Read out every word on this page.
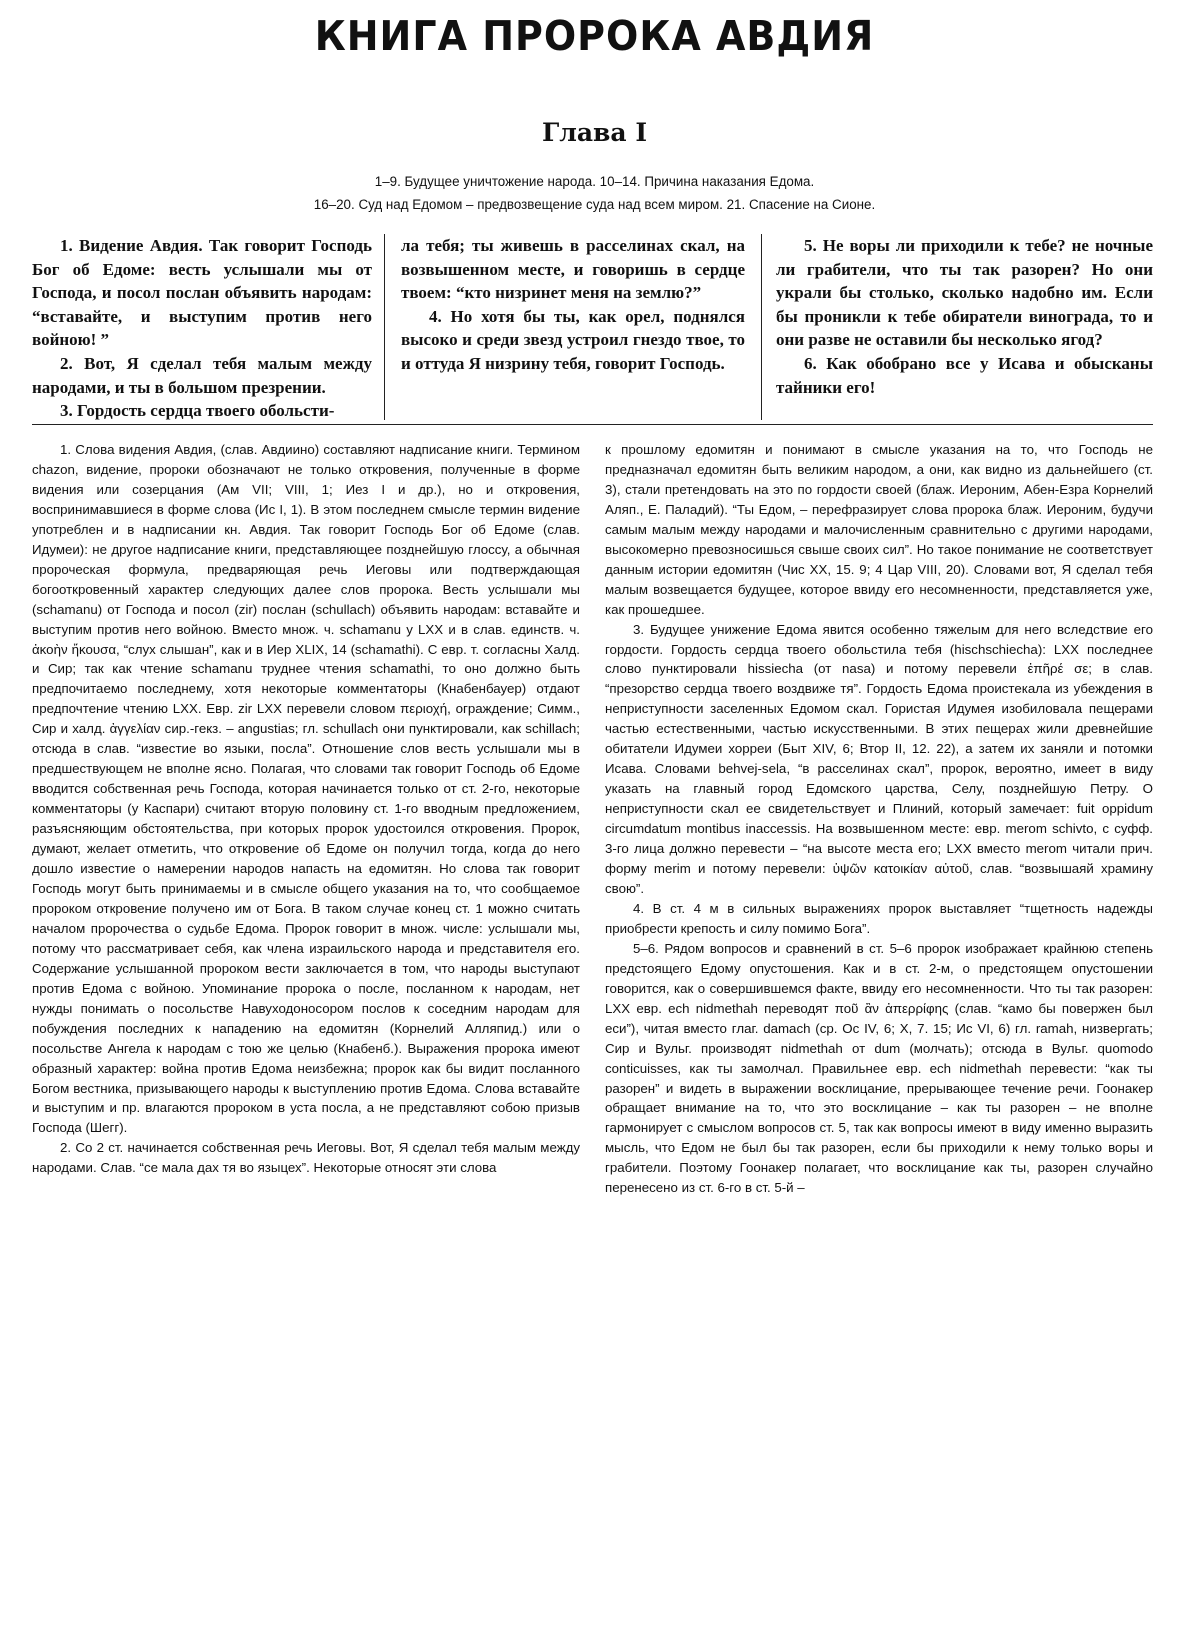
КНИГА ПРОРОКА АВДИЯ
Глава I

1–9. Будущее уничтожение народа. 10–14. Причина наказания Едома.

16–20. Суд над Едомом – предвозвещение суда над всем миром. 21. Спасение на Сионе.

1. Видение Авдия. Так говорит Господь Бог об Едоме: весть услышали мы от Господа, и посол послан объявить народам: “вставайте, и выступим против него войною! ”

2. Вот, Я сделал тебя малым между народами, и ты в большом презрении.

3. Гордость сердца твоего обольсти-

ла тебя; ты живешь в расселинах скал, на возвышенном месте, и говоришь в сердце твоем: “кто низринет меня на землю?”

4. Но хотя бы ты, как орел, поднялся высоко и среди звезд устроил гнездо твое, то и оттуда Я низрину тебя, говорит Господь.

5. Не воры ли приходили к тебе? не ночные ли грабители, что ты так разорен? Но они украли бы столько, сколько надобно им. Если бы проникли к тебе обиратели винограда, то и они разве не оставили бы несколько ягод?

6. Как обобрано все у Исава и обысканы тайники его!

1. Слова видения Авдия, (слав. Авдиино) составляют надписание книги. Термином chazon, видение, пророки обозначают не только откровения, полученные в форме видения или созерцания (Ам VII; VIII, 1; Иез I и др.), но и откровения, воспринимавшиеся в форме слова (Ис I, 1). В этом последнем смысле термин видение употреблен и в надписании кн. Авдия. Так говорит Господь Бог об Едоме (слав. Идумеи): не другое надписание книги, представляющее позднейшую глоссу, а обычная пророческая формула, предваряющая речь Иеговы или подтверждающая богооткровенный характер следующих далее слов пророка. Весть услышали мы (schamanu) от Господа и посол (zir) послан (schullach) объявить народам: вставайте и выступим против него войною. Вместо множ. ч. schamanu у LXX и в слав. единств. ч. ἀκοὴν ἤκουσα, “слух слышан”, как и в Иер XLIX, 14 (schamathi). С евр. т. согласны Халд. и Сир; так как чтение schamanu труднее чтения schamathi, то оно должно быть предпочитаемо последнему, хотя некоторые комментаторы (Кнабенбауер) отдают предпочтение чтению LXX. Евр. zir LXX перевели словом περιοχή, ограждение; Симм., Сир и халд. ἀγγελίαν сир.-гекз. – angustias; гл. schullach они пунктировали, как schillach; отсюда в слав. “известие во языки, посла”. Отношение слов весть услышали мы в предшествующем не вполне ясно. Полагая, что словами так говорит Господь об Едоме вводится собственная речь Господа, которая начинается только от ст. 2-го, некоторые комментаторы (у Каспари) считают вторую половину ст. 1-го вводным предложением, разъясняющим обстоятельства, при которых пророк удостоился откровения. Пророк, думают, желает отметить, что откровение об Едоме он получил тогда, когда до него дошло известие о намерении народов напасть на едомитян. Но слова так говорит Господь могут быть принимаемы и в смысле общего указания на то, что сообщаемое пророком откровение получено им от Бога. В таком случае конец ст. 1 можно считать началом пророчества о судьбе Едома. Пророк говорит в множ. числе: услышали мы, потому что рассматривает себя, как члена израильского народа и представителя его. Содержание услышанной пророком вести заключается в том, что народы выступают против Едома с войною. Упоминание пророка о после, посланном к народам, нет нужды понимать о посольстве Навуходоносором послов к соседним народам для побуждения последних к нападению на едомитян (Корнелий Алляпид.) или о посольстве Ангела к народам с тою же целью (Кнабенб.). Выражения пророка имеют образный характер: война против Едома неизбежна; пророк как бы видит посланного Богом вестника, призывающего народы к выступлению против Едома. Слова вставайте и выступим и пр. влагаются пророком в уста посла, а не представляют собою призыв Господа (Шегг).

2. Со 2 ст. начинается собственная речь Иеговы. Вот, Я сделал тебя малым между народами. Слав. “се мала дах тя во языцех”. Некоторые относят эти слова

к прошлому едомитян и понимают в смысле указания на то, что Господь не предназначал едомитян быть великим народом, а они, как видно из дальнейшего (ст. 3), стали претендовать на это по гордости своей (блаж. Иероним, Абен-Езра Корнелий Аляп., Е. Паладий). “Ты Едом, – перефразирует слова пророка блаж. Иероним, будучи самым малым между народами и малочисленным сравнительно с другими народами, высокомерно превозносишься свыше своих сил”. Но такое понимание не соответствует данным истории едомитян (Чис XX, 15. 9; 4 Цар VIII, 20). Словами вот, Я сделал тебя малым возвещается будущее, которое ввиду его несомненности, представляется уже, как прошедшее.

3. Будущее унижение Едома явится особенно тяжелым для него вследствие его гордости. Гордость сердца твоего обольстила тебя (hischschiecha): LXX последнее слово пунктировали hissiecha (от nasa) и потому перевели ἐπῆρέ σε; в слав. “презорство сердца твоего воздвиже тя”. Гордость Едома проистекала из убеждения в неприступности заселенных Едомом скал. Гористая Идумея изобиловала пещерами частью естественными, частью искусственными. В этих пещерах жили древнейшие обитатели Идумеи хорреи (Быт XIV, 6; Втор II, 12. 22), а затем их заняли и потомки Исава. Словами behvej-sela, “в расселинах скал”, пророк, вероятно, имеет в виду указать на главный город Едомского царства, Селу, позднейшую Петру. О неприступности скал ее свидетельствует и Плиний, который замечает: fuit oppidum circumdatum montibus inaccessis. На возвышенном месте: евр. merom schivto, с суфф. 3-го лица должно перевести – “на высоте места его; LXX вместо merom читали прич. форму merim и потому перевели: ὑψῶν κατοικίαν αὐτοῦ, слав. “возвышаяй храмину свою”.

4. В ст. 4 м в сильных выражениях пророк выставляет “тщетность надежды приобрести крепость и силу помимо Бога”.

5–6. Рядом вопросов и сравнений в ст. 5–6 пророк изображает крайнюю степень предстоящего Едому опустошения. Как и в ст. 2-м, о предстоящем опустошении говорится, как о совершившемся факте, ввиду его несомненности. Что ты так разорен: LXX евр. ech nidmethah переводят ποῦ ἂν ἀπερρίφης (слав. “камо бы повержен был еси”), читая вместо глаг. damach (ср. Ос IV, 6; X, 7. 15; Ис VI, 6) гл. ramah, низвергать; Сир и Вульг. производят nidmethah от dum (молчать); отсюда в Вульг. quomodo conticuisses, как ты замолчал. Правильнее евр. ech nidmethah перевести: “как ты разорен” и видеть в выражении восклицание, прерывающее течение речи. Гоонакер обращает внимание на то, что это восклицание – как ты разорен – не вполне гармонирует с смыслом вопросов ст. 5, так как вопросы имеют в виду именно выразить мысль, что Едом не был бы так разорен, если бы приходили к нему только воры и грабители. Поэтому Гоонакер полагает, что восклицание как ты, разорен случайно перенесено из ст. 6-го в ст. 5-й –
